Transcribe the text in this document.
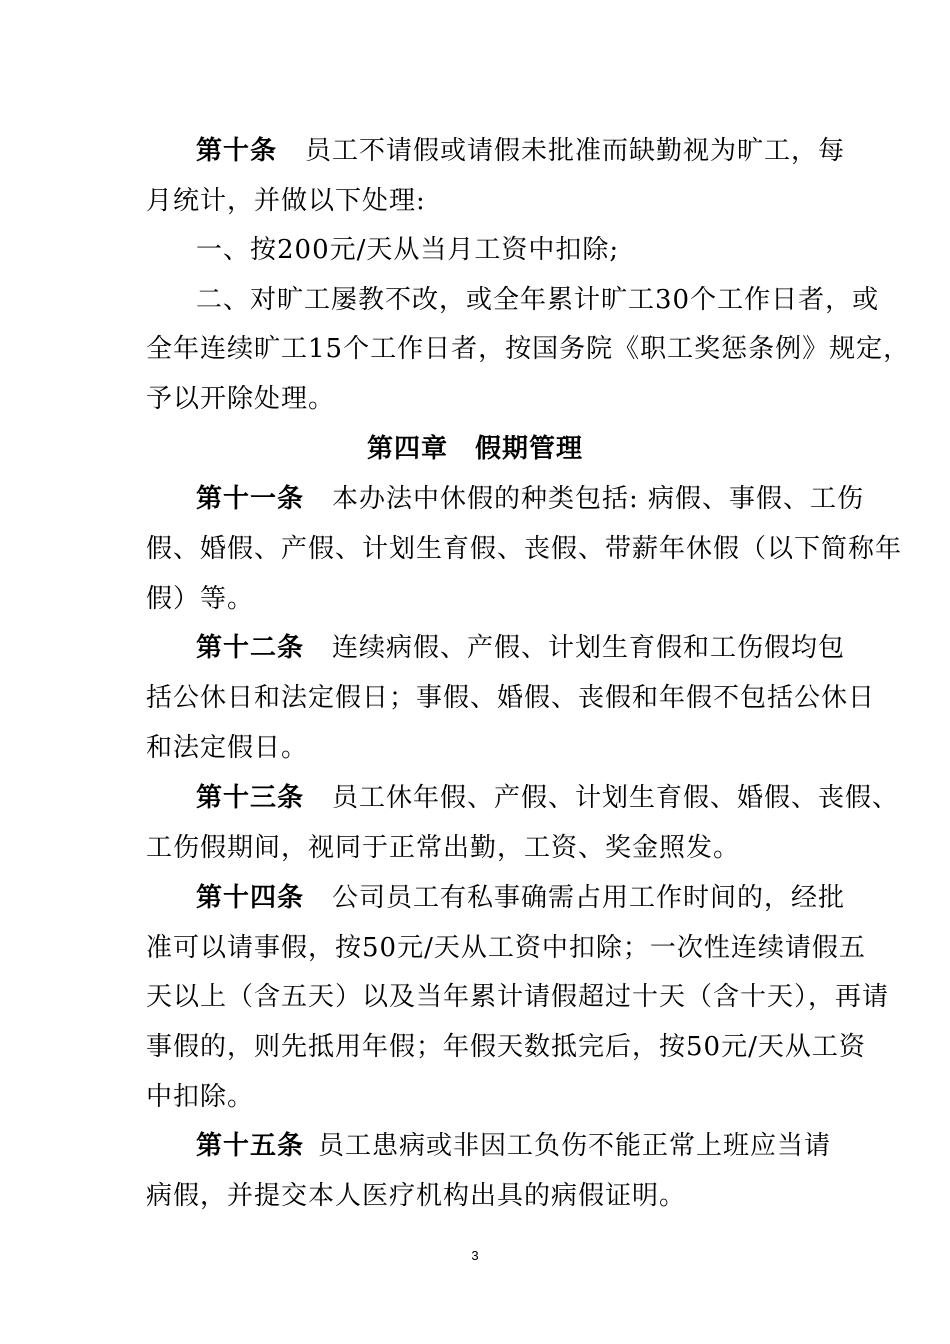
第十条 员工不请假或请假未批准而缺勤视为旷工，每
月统计，并做以下处理:
一、按200元/天从当月工资中扣除;
二、对旷工屡教不改，或全年累计旷工30个工作日者，或
全年连续旷工15个工作日者，按国务院《职工奖惩条例》规定，
予以开除处理。
第四章　假期管理
第十一条 本办法中休假的种类包括: 病假、事假、工伤
假、婚假、产假、计划生育假、丧假、带薪年休假（以下简称年
假）等。
第十二条 连续病假、产假、计划生育假和工伤假均包
括公休日和法定假日；事假、婚假、丧假和年假不包括公休日
和法定假日。
第十三条 员工休年假、产假、计划生育假、婚假、丧假、
工伤假期间，视同于正常出勤，工资、奖金照发。
第十四条 公司员工有私事确需占用工作时间的，经批
准可以请事假，按50元/天从工资中扣除；一次性连续请假五
天以上（含五天）以及当年累计请假超过十天（含十天），再请
事假的，则先抵用年假；年假天数抵完后，按50元/天从工资
中扣除。
第十五条 员工患病或非因工负伤不能正常上班应当请
病假，并提交本人医疗机构出具的病假证明。
3
